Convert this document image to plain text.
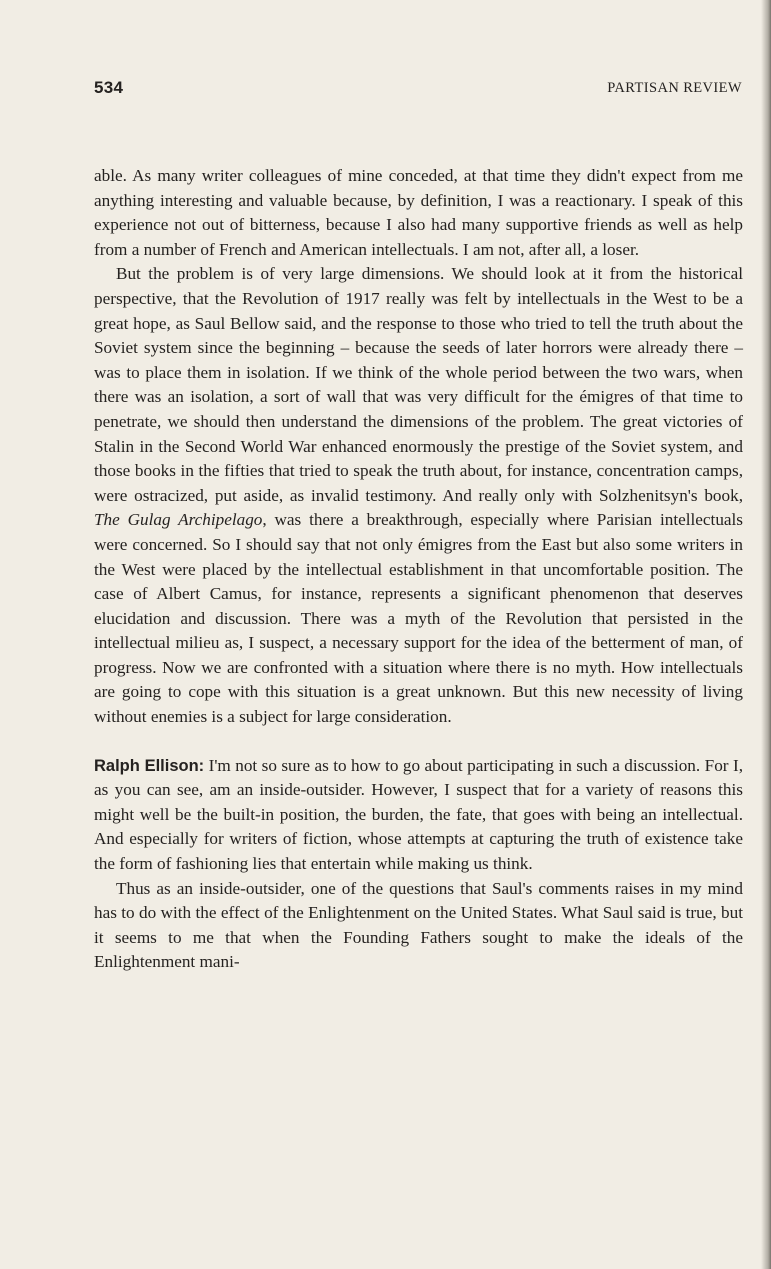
534	PARTISAN REVIEW

able. As many writer colleagues of mine conceded, at that time they didn't expect from me anything interesting and valuable because, by definition, I was a reactionary. I speak of this experience not out of bitterness, because I also had many supportive friends as well as help from a number of French and American intellectuals. I am not, after all, a loser.

But the problem is of very large dimensions. We should look at it from the historical perspective, that the Revolution of 1917 really was felt by intellectuals in the West to be a great hope, as Saul Bellow said, and the response to those who tried to tell the truth about the Soviet system since the beginning – because the seeds of later horrors were already there – was to place them in isolation. If we think of the whole period between the two wars, when there was an isolation, a sort of wall that was very difficult for the émigres of that time to penetrate, we should then understand the dimensions of the problem. The great victories of Stalin in the Second World War enhanced enormously the prestige of the Soviet system, and those books in the fifties that tried to speak the truth about, for instance, concentration camps, were ostracized, put aside, as invalid testimony. And really only with Solzhenitsyn's book, The Gulag Archipelago, was there a breakthrough, especially where Parisian intellectuals were concerned. So I should say that not only émigres from the East but also some writers in the West were placed by the intellectual establishment in that uncomfortable position. The case of Albert Camus, for instance, represents a significant phenomenon that deserves elucidation and discussion. There was a myth of the Revolution that persisted in the intellectual milieu as, I suspect, a necessary support for the idea of the betterment of man, of progress. Now we are confronted with a situation where there is no myth. How intellectuals are going to cope with this situation is a great unknown. But this new necessity of living without enemies is a subject for large consideration.

Ralph Ellison: I'm not so sure as to how to go about participating in such a discussion. For I, as you can see, am an inside-outsider. However, I suspect that for a variety of reasons this might well be the built-in position, the burden, the fate, that goes with being an intellectual. And especially for writers of fiction, whose attempts at capturing the truth of existence take the form of fashioning lies that entertain while making us think.

Thus as an inside-outsider, one of the questions that Saul's comments raises in my mind has to do with the effect of the Enlightenment on the United States. What Saul said is true, but it seems to me that when the Founding Fathers sought to make the ideals of the Enlightenment mani-
